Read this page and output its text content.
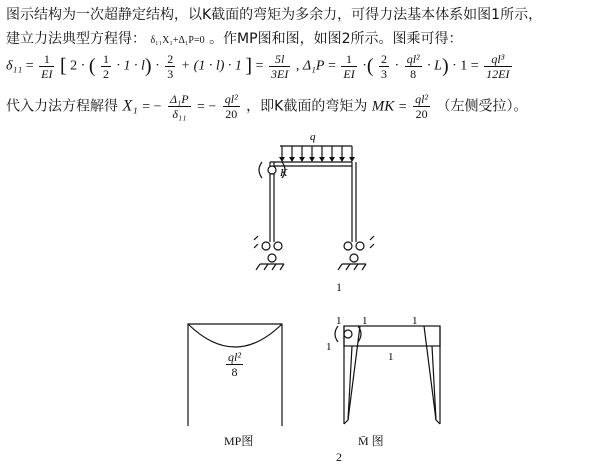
图示结构为一次超静定结构，以K截面的弯矩为多余力，可得力法基本体系如图1所示，
建立力法典型方程得： δ₁₁X₁+Δ₁P=0 。作MP图和图，如图2所示。图乘可得：
$\delta_{11} = \frac{1}{EI}$ [ 2 · ( $\frac{1}{2} \cdot 1 \cdot l) \cdot \frac{2}{3} + (1 \cdot l) \cdot 1$ ] = $\frac{5l}{3EI}$ , $\Delta_1P = \frac{1}{EI}$ ·( $\frac{2}{3} \cdot \frac{\text{ql²}}{8} \cdot L) \cdot 1 = \frac{\text{ql³}}{12EI}$
代入力法方程解得 X₁ = − $\frac{\text{Δ₁P}}{\text{δ₁₁}}$ = − $\frac{\text{ql²}}{20}$ ，即K截面的弯矩为 MK = $\frac{\text{ql²}}{20}$ （左侧受拉）。
q
K
1
$\frac{\text{ql²}}{8}$
MP图
1 1	1
1
1
M̄ 图
2
